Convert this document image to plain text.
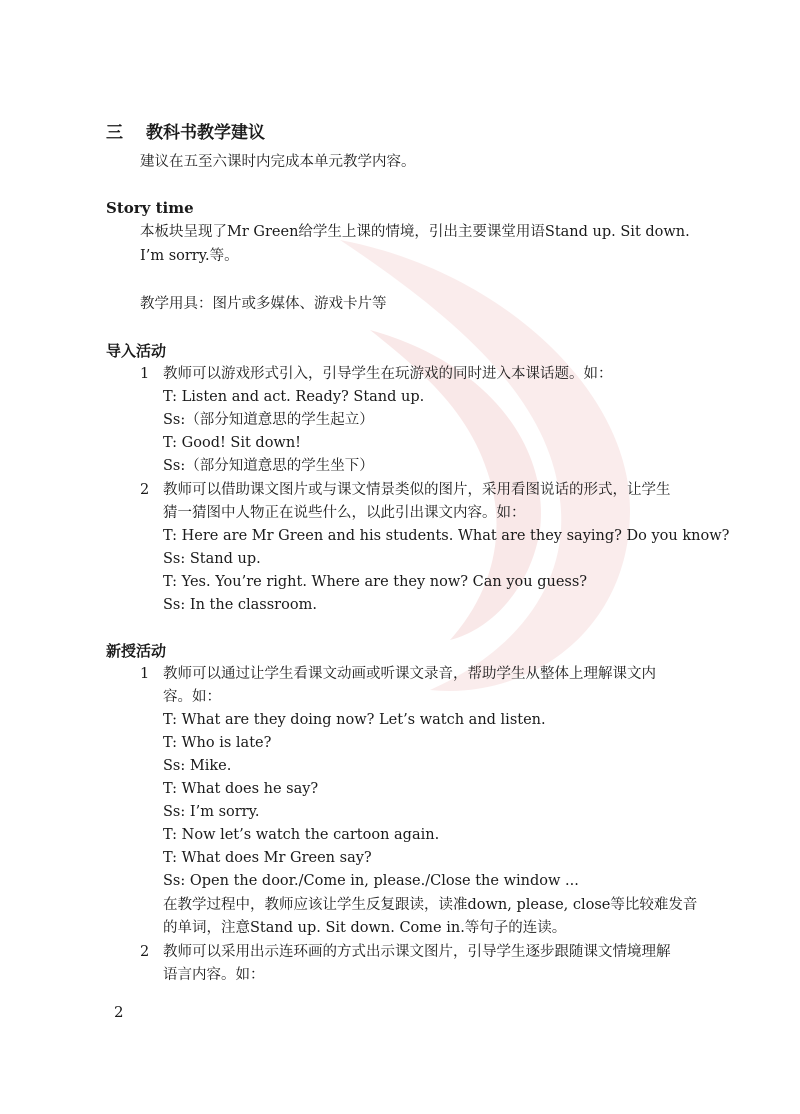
三 教科书教学建议
建议在五至六课时内完成本单元教学内容。
Story time
本板块呈现了Mr Green给学生上课的情境，引出主要课堂用语Stand up. Sit down.
I’m sorry.等。
教学用具：图片或多媒体、游戏卡片等
导入活动
1 教师可以游戏形式引入，引导学生在玩游戏的同时进入本课话题。如：
T: Listen and act. Ready? Stand up.
Ss:（部分知道意思的学生起立）
T: Good! Sit down!
Ss:（部分知道意思的学生坐下）
2 教师可以借助课文图片或与课文情景类似的图片，采用看图说话的形式，让学生
猜一猜图中人物正在说些什么，以此引出课文内容。如：
T: Here are Mr Green and his students. What are they saying? Do you know?
Ss: Stand up.
T: Yes. You’re right. Where are they now? Can you guess?
Ss: In the classroom.
新授活动
1 教师可以通过让学生看课文动画或听课文录音，帮助学生从整体上理解课文内
容。如：
T: What are they doing now? Let’s watch and listen.
T: Who is late?
Ss: Mike.
T: What does he say?
Ss: I’m sorry.
T: Now let’s watch the cartoon again.
T: What does Mr Green say?
Ss: Open the door./Come in, please./Close the window ...
在教学过程中，教师应该让学生反复跟读，读准down, please, close等比较难发音
的单词，注意Stand up. Sit down. Come in.等句子的连读。
2 教师可以采用出示连环画的方式出示课文图片，引导学生逐步跟随课文情境理解
语言内容。如：
2
